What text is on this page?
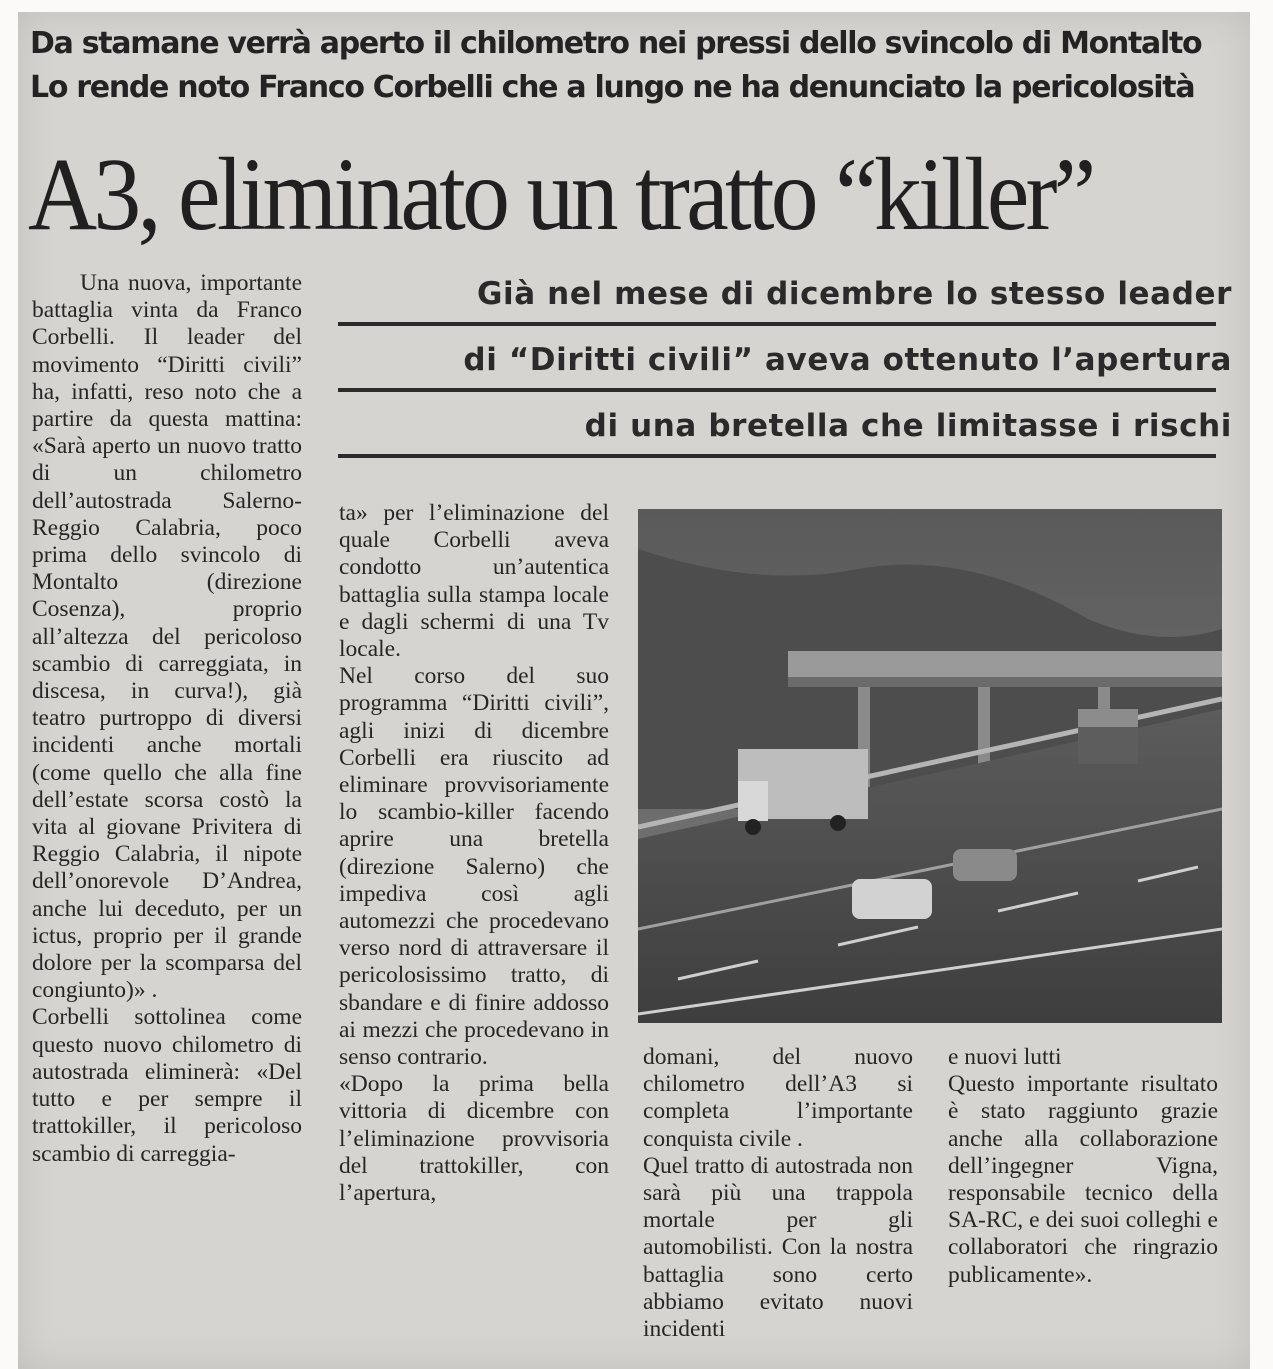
Da stamane verrà aperto il chilometro nei pressi dello svincolo di Montalto
Lo rende noto Franco Corbelli che a lungo ne ha denunciato la pericolosità
A3, eliminato un tratto “killer”
Già nel mese di dicembre lo stesso leader
di “Diritti civili” aveva ottenuto l’apertura
di una bretella che limitasse i rischi

Una nuova, importante battaglia vinta da Franco Corbelli. Il leader del movimento “Diritti civili” ha, infatti, reso noto che a partire da questa mattina: «Sarà aperto un nuovo tratto di un chilometro dell’autostrada Salerno-Reggio Calabria, poco prima dello svincolo di Montalto (direzione Cosenza), proprio all’altezza del pericoloso scambio di carreggiata, in discesa, in curva!), già teatro purtroppo di diversi incidenti anche mortali (come quello che alla fine dell’estate scorsa costò la vita al giovane Privitera di Reggio Calabria, il nipote dell’onorevole D’Andrea, anche lui deceduto, per un ictus, proprio per il grande dolore per la scomparsa del congiunto)» .

Corbelli sottolinea come questo nuovo chilometro di autostrada eliminerà: «Del tutto e per sempre il trattokiller, il pericoloso scambio di carreggia-

ta» per l’eliminazione del quale Corbelli aveva condotto un’autentica battaglia sulla stampa locale e dagli schermi di una Tv locale.

Nel corso del suo programma “Diritti civili”, agli inizi di dicembre Corbelli era riuscito ad eliminare provvisoriamente lo scambio-killer facendo aprire una bretella (direzione Salerno) che impediva così agli automezzi che procedevano verso nord di attraversare il pericolosissimo tratto, di sbandare e di finire addosso ai mezzi che procedevano in senso contrario.

«Dopo la prima bella vittoria di dicembre con l’eliminazione provvisoria del trattokiller, con l’apertura,

domani, del nuovo chilometro dell’A3 si completa l’importante conquista civile .

Quel tratto di autostrada non sarà più una trappola mortale per gli automobilisti. Con la nostra battaglia sono certo abbiamo evitato nuovi incidenti

e nuovi lutti

Questo importante risultato è stato raggiunto grazie anche alla collaborazione dell’ingegner Vigna, responsabile tecnico della SA-RC, e dei suoi colleghi e collaboratori che ringrazio publicamente».
